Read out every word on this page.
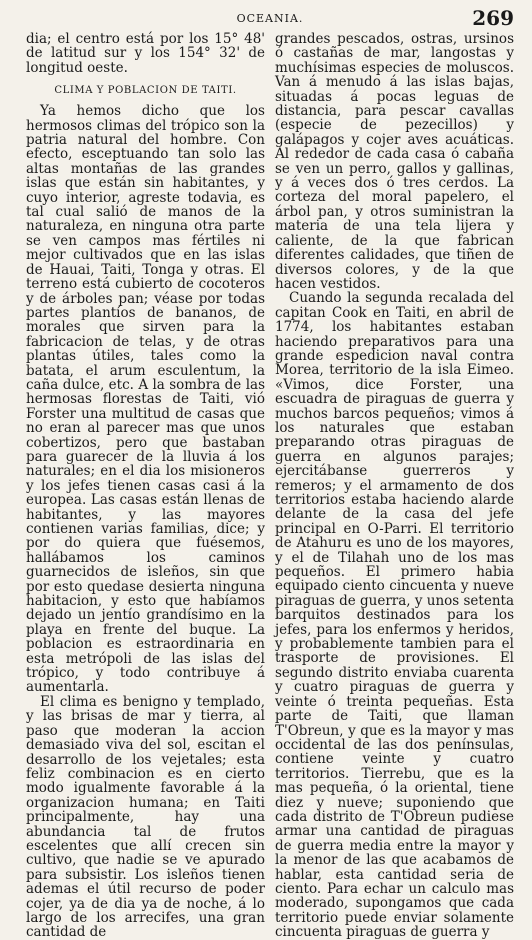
OCEANIA.	269

dia; el centro está por los 15° 48' de latitud sur y los 154° 32' de longitud oeste.

CLIMA Y POBLACION DE TAITI.

Ya hemos dicho que los hermosos climas del trópico son la patria natural del hombre. Con efecto, esceptuando tan solo las altas montañas de las grandes islas que están sin habitantes, y cuyo interior, agreste todavia, es tal cual salió de manos de la naturaleza, en ninguna otra parte se ven campos mas fértiles ni mejor cultivados que en las islas de Hauai, Taiti, Tonga y otras. El terreno está cubierto de cocoteros y de árboles pan; véase por todas partes plantíos de bananos, de morales que sirven para la fabricacion de telas, y de otras plantas útiles, tales como la batata, el arum esculentum, la caña dulce, etc. A la sombra de las hermosas florestas de Taiti, vió Forster una multitud de casas que no eran al parecer mas que unos cobertizos, pero que bastaban para guarecer de la lluvia á los naturales; en el dia los misioneros y los jefes tienen casas casi á la europea. Las casas están llenas de habitantes, y las mayores contienen varias familias, dice; y por do quiera que fuésemos, hallábamos los caminos guarnecidos de isleños, sin que por esto quedase desierta ninguna habitacion, y esto que habíamos dejado un jentío grandísimo en la playa en frente del buque. La poblacion es estraordinaria en esta metrópoli de las islas del trópico, y todo contribuye á aumentarla.

El clima es benigno y templado, y las brisas de mar y tierra, al paso que moderan la accion demasiado viva del sol, escitan el desarrollo de los vejetales; esta feliz combinacion es en cierto modo igualmente favorable á la organizacion humana; en Taiti principalmente, hay una abundancia tal de frutos escelentes que allí crecen sin cultivo, que nadie se ve apurado para subsistir. Los isleños tienen ademas el útil recurso de poder cojer, ya de dia ya de noche, á lo largo de los arrecifes, una gran cantidad de

grandes pescados, ostras, ursinos ó castañas de mar, langostas y muchísimas especies de moluscos. Van á menudo á las islas bajas, situadas á pocas leguas de distancia, para pescar cavallas (especie de pezecillos) y galápagos y cojer aves acuáticas. Al rededor de cada casa ó cabaña se ven un perro, gallos y gallinas, y á veces dos ó tres cerdos. La corteza del moral papelero, el árbol pan, y otros suministran la materia de una tela lijera y caliente, de la que fabrican diferentes calidades, que tiñen de diversos colores, y de la que hacen vestidos.

Cuando la segunda recalada del capitan Cook en Taiti, en abril de 1774, los habitantes estaban haciendo preparativos para una grande espedicion naval contra Morea, territorio de la isla Eimeo. «Vimos, dice Forster, una escuadra de piraguas de guerra y muchos barcos pequeños; vimos á los naturales que estaban preparando otras piraguas de guerra en algunos parajes; ejercitábanse guerreros y remeros; y el armamento de dos territorios estaba haciendo alarde delante de la casa del jefe principal en O-Parri. El territorio de Atahuru es uno de los mayores, y el de Tilahah uno de los mas pequeños. El primero habia equipado ciento cincuenta y nueve piraguas de guerra, y unos setenta barquitos destinados para los jefes, para los enfermos y heridos, y probablemente tambien para el trasporte de provisiones. El segundo distrito enviaba cuarenta y cuatro piraguas de guerra y veinte ó treinta pequeñas. Esta parte de Taiti, que llaman T'Obreun, y que es la mayor y mas occidental de las dos penínsulas, contiene veinte y cuatro territorios. Tierrebu, que es la mas pequeña, ó la oriental, tiene diez y nueve; suponiendo que cada distrito de T'Obreun pudiese armar una cantidad de piraguas de guerra media entre la mayor y la menor de las que acabamos de hablar, esta cantidad seria de ciento. Para echar un calculo mas moderado, supongamos que cada territorio puede enviar solamente cincuenta piraguas de guerra y
